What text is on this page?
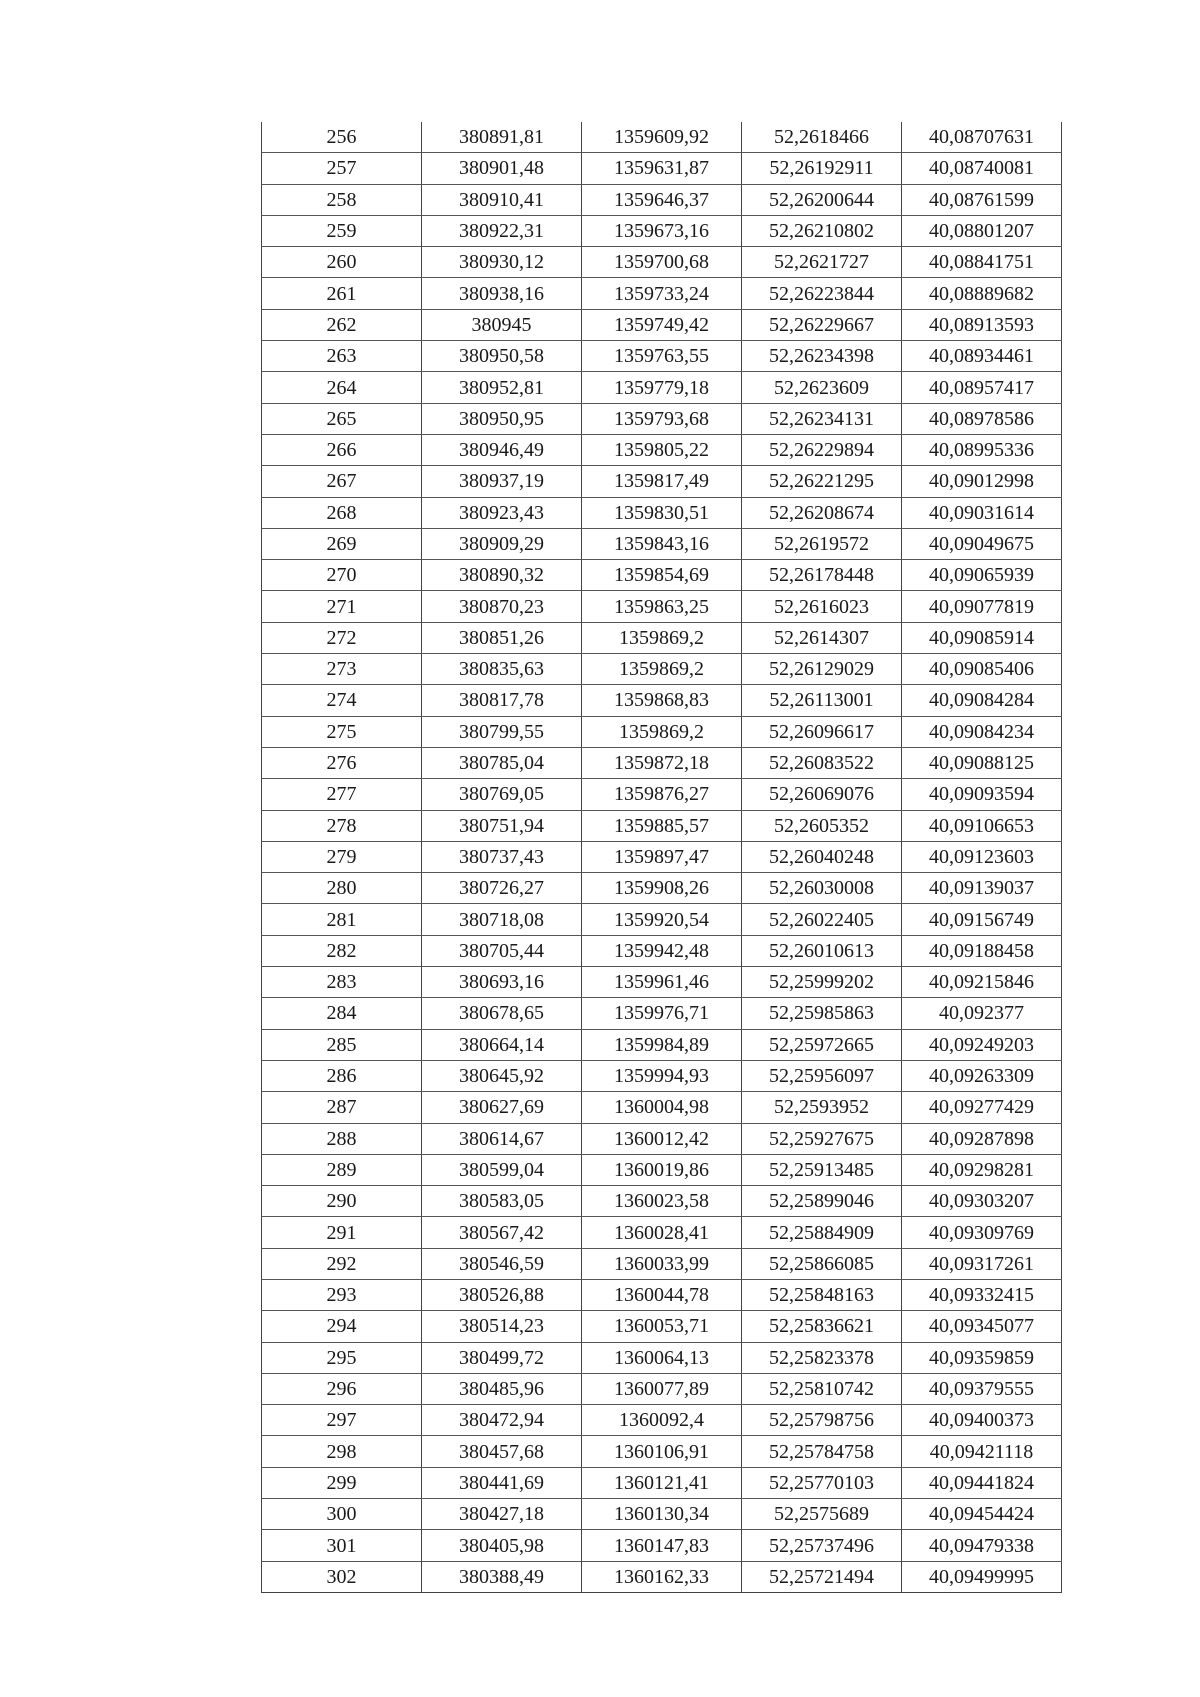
256	380891,81	1359609,92	52,2618466	40,08707631
257	380901,48	1359631,87	52,26192911	40,08740081
258	380910,41	1359646,37	52,26200644	40,08761599
259	380922,31	1359673,16	52,26210802	40,08801207
260	380930,12	1359700,68	52,2621727	40,08841751
261	380938,16	1359733,24	52,26223844	40,08889682
262	380945	1359749,42	52,26229667	40,08913593
263	380950,58	1359763,55	52,26234398	40,08934461
264	380952,81	1359779,18	52,2623609	40,08957417
265	380950,95	1359793,68	52,26234131	40,08978586
266	380946,49	1359805,22	52,26229894	40,08995336
267	380937,19	1359817,49	52,26221295	40,09012998
268	380923,43	1359830,51	52,26208674	40,09031614
269	380909,29	1359843,16	52,2619572	40,09049675
270	380890,32	1359854,69	52,26178448	40,09065939
271	380870,23	1359863,25	52,2616023	40,09077819
272	380851,26	1359869,2	52,2614307	40,09085914
273	380835,63	1359869,2	52,26129029	40,09085406
274	380817,78	1359868,83	52,26113001	40,09084284
275	380799,55	1359869,2	52,26096617	40,09084234
276	380785,04	1359872,18	52,26083522	40,09088125
277	380769,05	1359876,27	52,26069076	40,09093594
278	380751,94	1359885,57	52,2605352	40,09106653
279	380737,43	1359897,47	52,26040248	40,09123603
280	380726,27	1359908,26	52,26030008	40,09139037
281	380718,08	1359920,54	52,26022405	40,09156749
282	380705,44	1359942,48	52,26010613	40,09188458
283	380693,16	1359961,46	52,25999202	40,09215846
284	380678,65	1359976,71	52,25985863	40,092377
285	380664,14	1359984,89	52,25972665	40,09249203
286	380645,92	1359994,93	52,25956097	40,09263309
287	380627,69	1360004,98	52,2593952	40,09277429
288	380614,67	1360012,42	52,25927675	40,09287898
289	380599,04	1360019,86	52,25913485	40,09298281
290	380583,05	1360023,58	52,25899046	40,09303207
291	380567,42	1360028,41	52,25884909	40,09309769
292	380546,59	1360033,99	52,25866085	40,09317261
293	380526,88	1360044,78	52,25848163	40,09332415
294	380514,23	1360053,71	52,25836621	40,09345077
295	380499,72	1360064,13	52,25823378	40,09359859
296	380485,96	1360077,89	52,25810742	40,09379555
297	380472,94	1360092,4	52,25798756	40,09400373
298	380457,68	1360106,91	52,25784758	40,09421118
299	380441,69	1360121,41	52,25770103	40,09441824
300	380427,18	1360130,34	52,2575689	40,09454424
301	380405,98	1360147,83	52,25737496	40,09479338
302	380388,49	1360162,33	52,25721494	40,09499995
